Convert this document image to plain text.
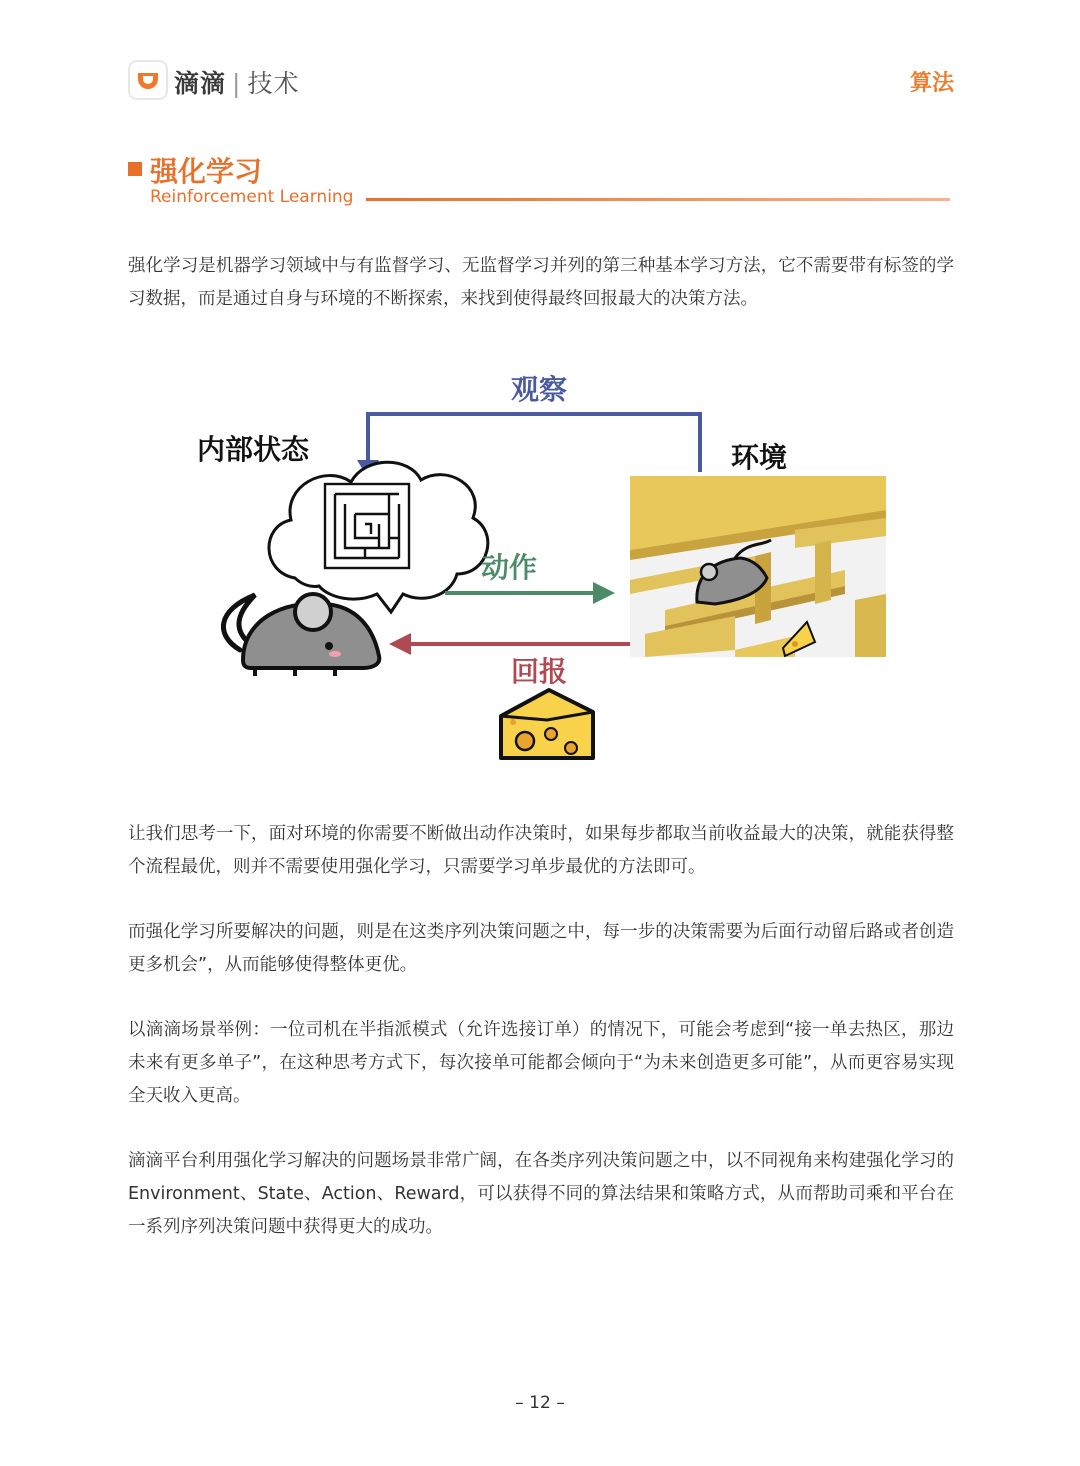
滴滴 | 技术	算法
强化学习
Reinforcement Learning

强化学习是机器学习领域中与有监督学习、无监督学习并列的第三种基本学习方法，它不需要带有标签的学习数据，而是通过自身与环境的不断探索，来找到使得最终回报最大的决策方法。

观察
内部状态	环境
动作
回报

让我们思考一下，面对环境的你需要不断做出动作决策时，如果每步都取当前收益最大的决策，就能获得整个流程最优，则并不需要使用强化学习，只需要学习单步最优的方法即可。

而强化学习所要解决的问题，则是在这类序列决策问题之中，每一步的决策需要为后面行动留后路或者创造更多机会”，从而能够使得整体更优。

以滴滴场景举例：一位司机在半指派模式（允许选接订单）的情况下，可能会考虑到“接一单去热区，那边未来有更多单子”，在这种思考方式下，每次接单可能都会倾向于“为未来创造更多可能”，从而更容易实现全天收入更高。

滴滴平台利用强化学习解决的问题场景非常广阔，在各类序列决策问题之中，以不同视角来构建强化学习的 Environment、State、Action、Reward，可以获得不同的算法结果和策略方式，从而帮助司乘和平台在一系列序列决策问题中获得更大的成功。

– 12 –
